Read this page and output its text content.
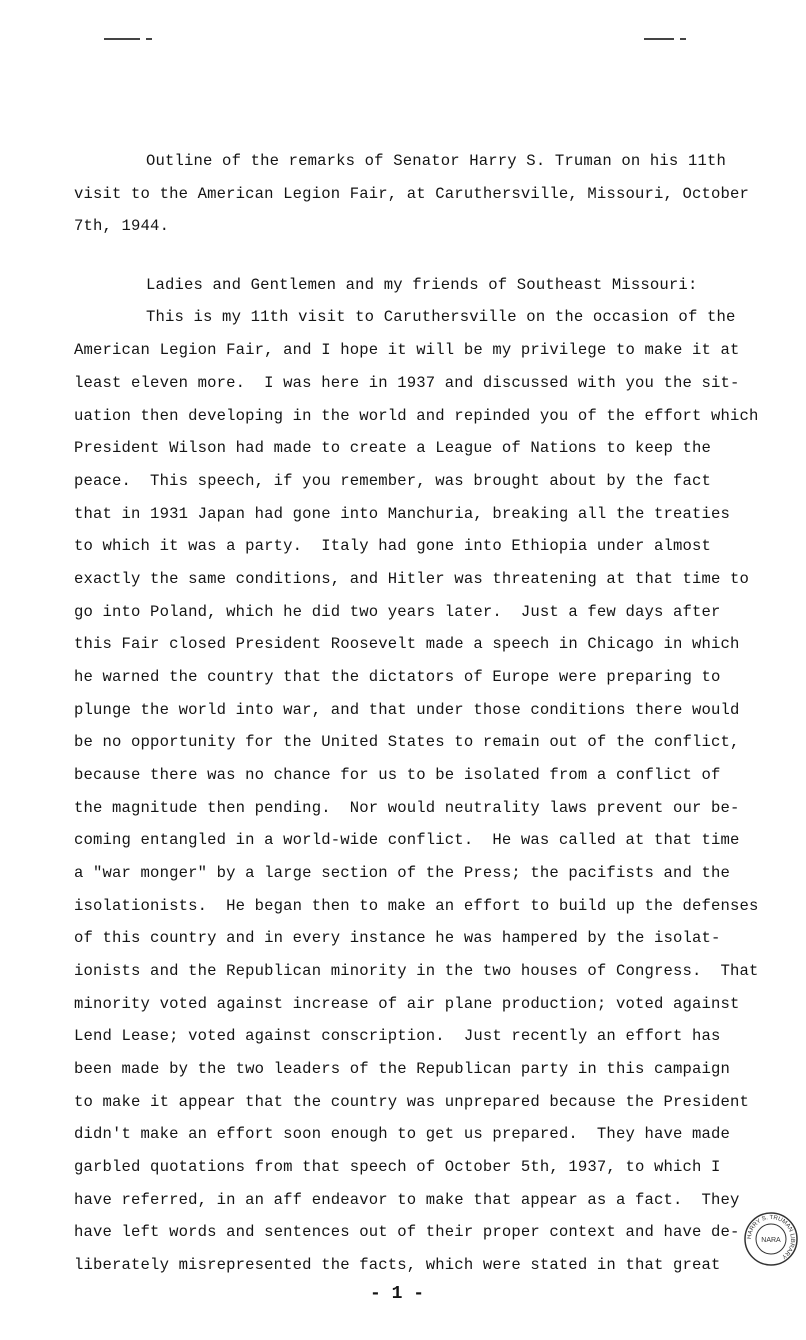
Outline of the remarks of Senator Harry S. Truman on his 11th
visit to the American Legion Fair, at Caruthersville, Missouri, October
7th, 1944.
Ladies and Gentlemen and my friends of Southeast Missouri:
This is my 11th visit to Caruthersville on the occasion of the
American Legion Fair, and I hope it will be my privilege to make it at
least eleven more.  I was here in 1937 and discussed with you the sit-
uation then developing in the world and repinded you of the effort which
President Wilson had made to create a League of Nations to keep the
peace.  This speech, if you remember, was brought about by the fact
that in 1931 Japan had gone into Manchuria, breaking all the treaties
to which it was a party.  Italy had gone into Ethiopia under almost
exactly the same conditions, and Hitler was threatening at that time to
go into Poland, which he did two years later.  Just a few days after
this Fair closed President Roosevelt made a speech in Chicago in which
he warned the country that the dictators of Europe were preparing to
plunge the world into war, and that under those conditions there would
be no opportunity for the United States to remain out of the conflict,
because there was no chance for us to be isolated from a conflict of
the magnitude then pending.  Nor would neutrality laws prevent our be-
coming entangled in a world-wide conflict.  He was called at that time
a "war monger" by a large section of the Press; the pacifists and the
isolationists.  He began then to make an effort to build up the defenses
of this country and in every instance he was hampered by the isolat-
ionists and the Republican minority in the two houses of Congress.  That
minority voted against increase of air plane production; voted against
Lend Lease; voted against conscription.  Just recently an effort has
been made by the two leaders of the Republican party in this campaign
to make it appear that the country was unprepared because the President
didn't make an effort soon enough to get us prepared.  They have made
garbled quotations from that speech of October 5th, 1937, to which I
have referred, in an aff endeavor to make that appear as a fact.  They
have left words and sentences out of their proper context and have de-
liberately misrepresented the facts, which were stated in that great
- 1 -
HARRY S. TRUMAN LIBRARY
NARA
